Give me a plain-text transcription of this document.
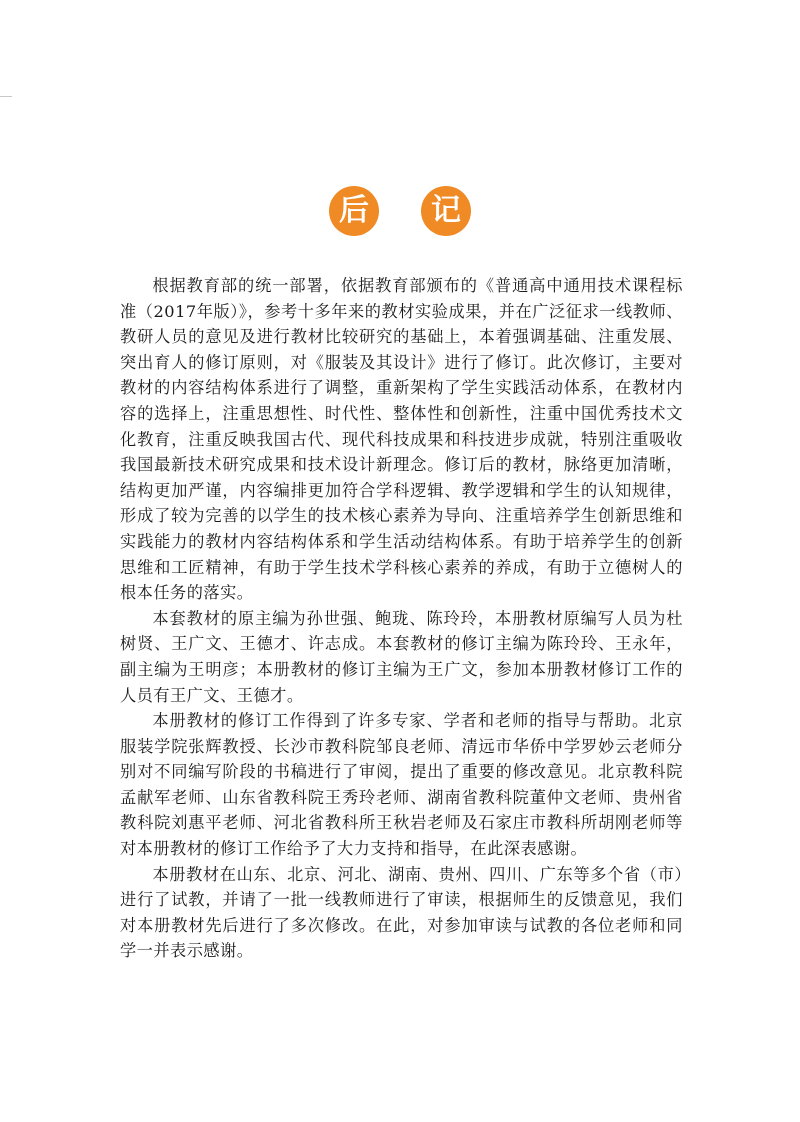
后	记

根据教育部的统一部署，依据教育部颁布的《普通高中通用技术课程标准（2017年版）》，参考十多年来的教材实验成果，并在广泛征求一线教师、教研人员的意见及进行教材比较研究的基础上，本着强调基础、注重发展、突出育人的修订原则，对《服装及其设计》进行了修订。此次修订，主要对教材的内容结构体系进行了调整，重新架构了学生实践活动体系，在教材内容的选择上，注重思想性、时代性、整体性和创新性，注重中国优秀技术文化教育，注重反映我国古代、现代科技成果和科技进步成就，特别注重吸收我国最新技术研究成果和技术设计新理念。修订后的教材，脉络更加清晰，结构更加严谨，内容编排更加符合学科逻辑、教学逻辑和学生的认知规律，形成了较为完善的以学生的技术核心素养为导向、注重培养学生创新思维和实践能力的教材内容结构体系和学生活动结构体系。有助于培养学生的创新思维和工匠精神，有助于学生技术学科核心素养的养成，有助于立德树人的根本任务的落实。

本套教材的原主编为孙世强、鲍珑、陈玲玲，本册教材原编写人员为杜树贤、王广文、王德才、许志成。本套教材的修订主编为陈玲玲、王永年，副主编为王明彦；本册教材的修订主编为王广文，参加本册教材修订工作的人员有王广文、王德才。

本册教材的修订工作得到了许多专家、学者和老师的指导与帮助。北京服装学院张辉教授、长沙市教科院邹良老师、清远市华侨中学罗妙云老师分别对不同编写阶段的书稿进行了审阅，提出了重要的修改意见。北京教科院孟献军老师、山东省教科院王秀玲老师、湖南省教科院董仲文老师、贵州省教科院刘惠平老师、河北省教科所王秋岩老师及石家庄市教科所胡刚老师等对本册教材的修订工作给予了大力支持和指导，在此深表感谢。

本册教材在山东、北京、河北、湖南、贵州、四川、广东等多个省（市）进行了试教，并请了一批一线教师进行了审读，根据师生的反馈意见，我们对本册教材先后进行了多次修改。在此，对参加审读与试教的各位老师和同学一并表示感谢。
